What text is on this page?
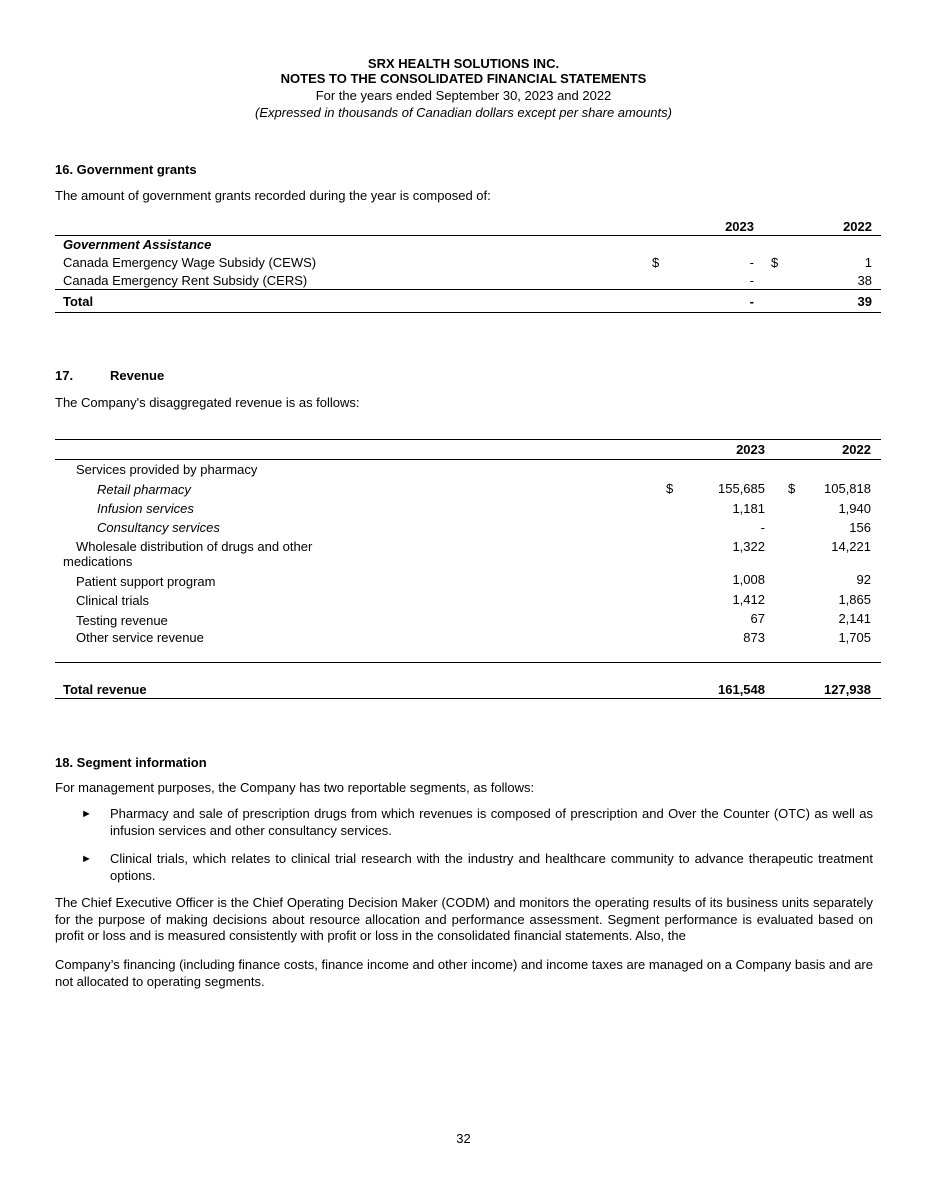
SRX HEALTH SOLUTIONS INC.
NOTES TO THE CONSOLIDATED FINANCIAL STATEMENTS
For the years ended September 30, 2023 and 2022
(Expressed in thousands of Canadian dollars except per share amounts)
16. Government grants
The amount of government grants recorded during the year is composed of:
2023	2022
Government Assistance
Canada Emergency Wage Subsidy (CEWS)	$	- $	1
Canada Emergency Rent Subsidy (CERS)	-	38
Total	-	39
17.	Revenue
The Company's disaggregated revenue is as follows:
2023	2022
Services provided by pharmacy
Retail pharmacy	$	155,685 $	105,818
Infusion services	1,181	1,940
Consultancy services	-	156
Wholesale distribution of drugs and other
medications
1,322	14,221
Patient support program	1,008	92
Clinical trials	1,412	1,865
Testing revenue	67	2,141
Other service revenue	873	1,705
Total revenue	161,548	127,938
18. Segment information
For management purposes, the Company has two reportable segments, as follows:
► Pharmacy and sale of prescription drugs from which revenues is composed of prescription and Over the Counter (OTC) as well as infusion services and other consultancy services.
► Clinical trials, which relates to clinical trial research with the industry and healthcare community to advance therapeutic treatment options.
The Chief Executive Officer is the Chief Operating Decision Maker (CODM) and monitors the operating results of its business units separately for the purpose of making decisions about resource allocation and performance assessment. Segment performance is evaluated based on profit or loss and is measured consistently with profit or loss in the consolidated financial statements. Also, the
Company’s financing (including finance costs, finance income and other income) and income taxes are managed on a Company basis and are not allocated to operating segments.
32
